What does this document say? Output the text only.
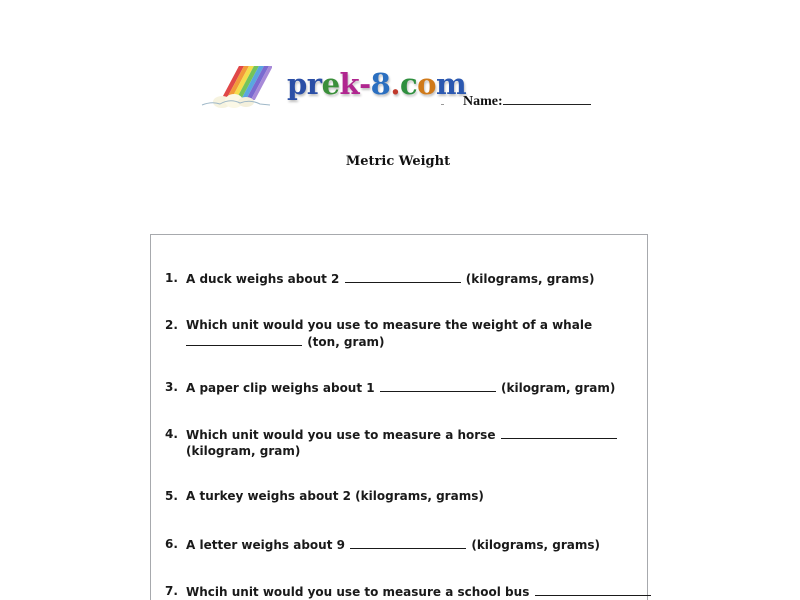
prek-8.com
Name:
Metric Weight
1. A duck weighs about 2	(kilograms, grams)
2. Which unit would you use to measure the weight of a whale
(ton, gram)
3. A paper clip weighs about 1	(kilogram, gram)
4. Which unit would you use to measure a horse
(kilogram, gram)
5. A turkey weighs about 2 (kilograms, grams)
6. A letter weighs about 9	(kilograms, grams)
7. Whcih unit would you use to measure a school bus
